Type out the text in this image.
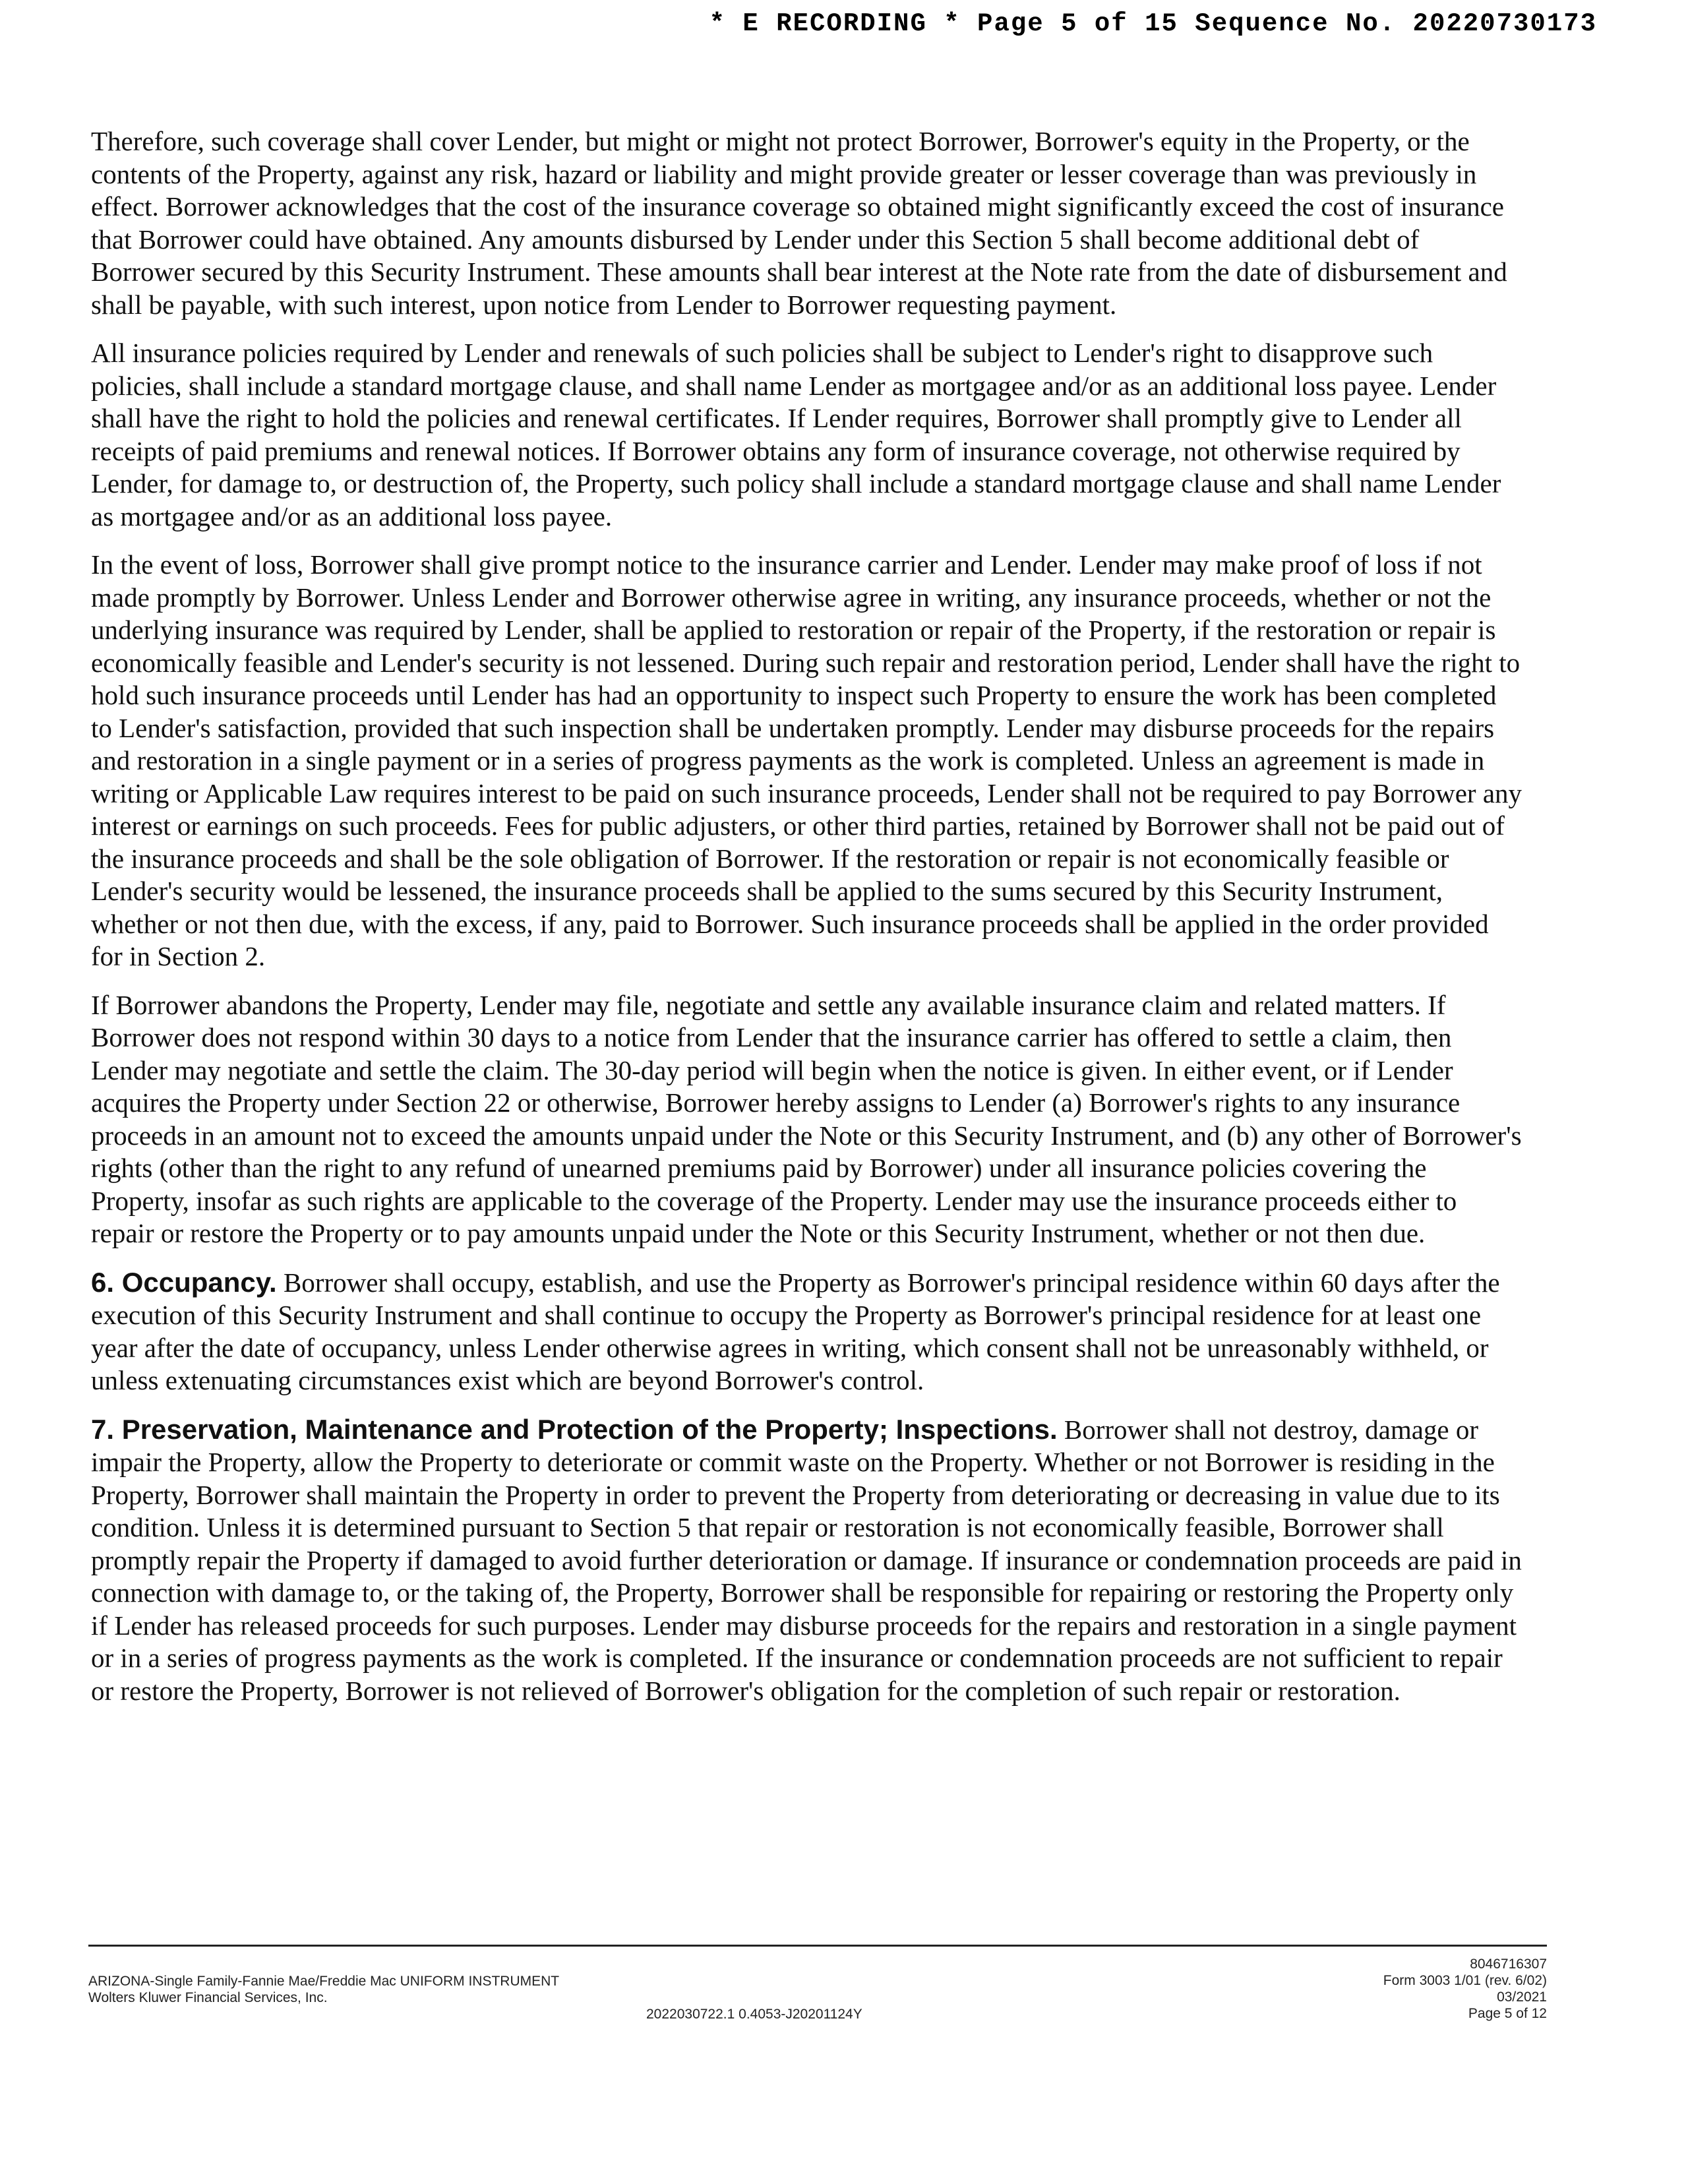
* E RECORDING * Page 5 of 15 Sequence No. 20220730173

Therefore, such coverage shall cover Lender, but might or might not protect Borrower, Borrower's equity in the Property, or the contents of the Property, against any risk, hazard or liability and might provide greater or lesser coverage than was previously in effect. Borrower acknowledges that the cost of the insurance coverage so obtained might significantly exceed the cost of insurance that Borrower could have obtained. Any amounts disbursed by Lender under this Section 5 shall become additional debt of Borrower secured by this Security Instrument. These amounts shall bear interest at the Note rate from the date of disbursement and shall be payable, with such interest, upon notice from Lender to Borrower requesting payment.

All insurance policies required by Lender and renewals of such policies shall be subject to Lender's right to disapprove such policies, shall include a standard mortgage clause, and shall name Lender as mortgagee and/or as an additional loss payee. Lender shall have the right to hold the policies and renewal certificates. If Lender requires, Borrower shall promptly give to Lender all receipts of paid premiums and renewal notices. If Borrower obtains any form of insurance coverage, not otherwise required by Lender, for damage to, or destruction of, the Property, such policy shall include a standard mortgage clause and shall name Lender as mortgagee and/or as an additional loss payee.

In the event of loss, Borrower shall give prompt notice to the insurance carrier and Lender. Lender may make proof of loss if not made promptly by Borrower. Unless Lender and Borrower otherwise agree in writing, any insurance proceeds, whether or not the underlying insurance was required by Lender, shall be applied to restoration or repair of the Property, if the restoration or repair is economically feasible and Lender's security is not lessened. During such repair and restoration period, Lender shall have the right to hold such insurance proceeds until Lender has had an opportunity to inspect such Property to ensure the work has been completed to Lender's satisfaction, provided that such inspection shall be undertaken promptly. Lender may disburse proceeds for the repairs and restoration in a single payment or in a series of progress payments as the work is completed. Unless an agreement is made in writing or Applicable Law requires interest to be paid on such insurance proceeds, Lender shall not be required to pay Borrower any interest or earnings on such proceeds. Fees for public adjusters, or other third parties, retained by Borrower shall not be paid out of the insurance proceeds and shall be the sole obligation of Borrower. If the restoration or repair is not economically feasible or Lender's security would be lessened, the insurance proceeds shall be applied to the sums secured by this Security Instrument, whether or not then due, with the excess, if any, paid to Borrower. Such insurance proceeds shall be applied in the order provided for in Section 2.

If Borrower abandons the Property, Lender may file, negotiate and settle any available insurance claim and related matters. If Borrower does not respond within 30 days to a notice from Lender that the insurance carrier has offered to settle a claim, then Lender may negotiate and settle the claim. The 30-day period will begin when the notice is given. In either event, or if Lender acquires the Property under Section 22 or otherwise, Borrower hereby assigns to Lender (a) Borrower's rights to any insurance proceeds in an amount not to exceed the amounts unpaid under the Note or this Security Instrument, and (b) any other of Borrower's rights (other than the right to any refund of unearned premiums paid by Borrower) under all insurance policies covering the Property, insofar as such rights are applicable to the coverage of the Property. Lender may use the insurance proceeds either to repair or restore the Property or to pay amounts unpaid under the Note or this Security Instrument, whether or not then due.

6. Occupancy. Borrower shall occupy, establish, and use the Property as Borrower's principal residence within 60 days after the execution of this Security Instrument and shall continue to occupy the Property as Borrower's principal residence for at least one year after the date of occupancy, unless Lender otherwise agrees in writing, which consent shall not be unreasonably withheld, or unless extenuating circumstances exist which are beyond Borrower's control.

7. Preservation, Maintenance and Protection of the Property; Inspections. Borrower shall not destroy, damage or impair the Property, allow the Property to deteriorate or commit waste on the Property. Whether or not Borrower is residing in the Property, Borrower shall maintain the Property in order to prevent the Property from deteriorating or decreasing in value due to its condition. Unless it is determined pursuant to Section 5 that repair or restoration is not economically feasible, Borrower shall promptly repair the Property if damaged to avoid further deterioration or damage. If insurance or condemnation proceeds are paid in connection with damage to, or the taking of, the Property, Borrower shall be responsible for repairing or restoring the Property only if Lender has released proceeds for such purposes. Lender may disburse proceeds for the repairs and restoration in a single payment or in a series of progress payments as the work is completed. If the insurance or condemnation proceeds are not sufficient to repair or restore the Property, Borrower is not relieved of Borrower's obligation for the completion of such repair or restoration.

ARIZONA-Single Family-Fannie Mae/Freddie Mac UNIFORM INSTRUMENT
Wolters Kluwer Financial Services, Inc.
2022030722.1 0.4053-J20201124Y
8046716307
Form 3003 1/01 (rev. 6/02)
03/2021
Page 5 of 12
